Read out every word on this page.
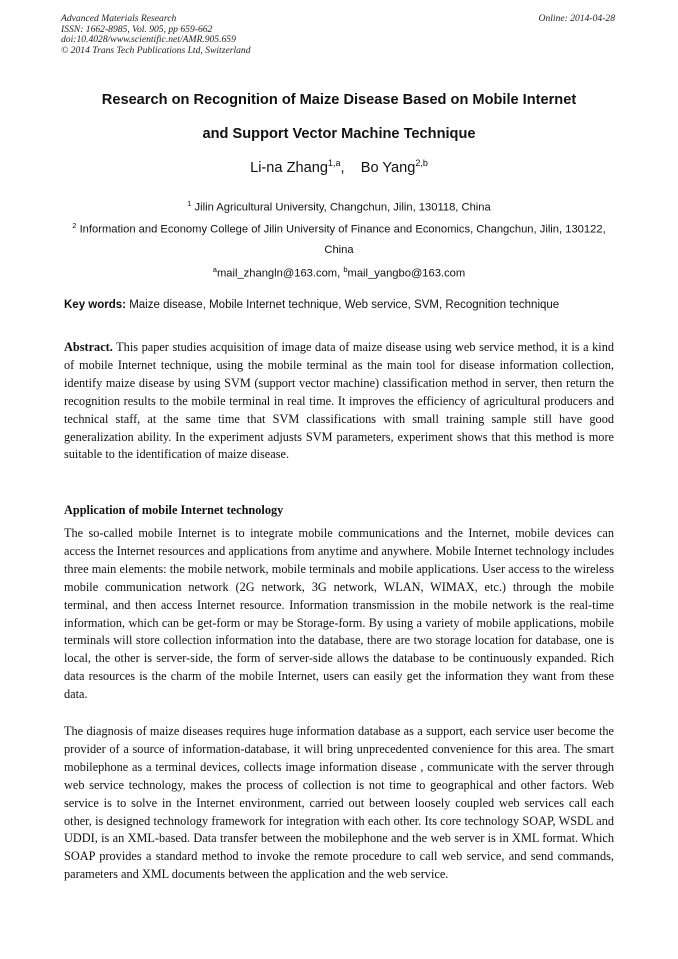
Advanced Materials Research
ISSN: 1662-8985, Vol. 905, pp 659-662
doi:10.4028/www.scientific.net/AMR.905.659
© 2014 Trans Tech Publications Ltd, Switzerland
Online: 2014-04-28
Research on Recognition of Maize Disease Based on Mobile Internet
and Support Vector Machine Technique
Li-na Zhang$^{1,a}$,    Bo Yang$^{2,b}$
$^1$ Jilin Agricultural University, Changchun, Jilin, 130118, China
$^2$ Information and Economy College of Jilin University of Finance and Economics, Changchun, Jilin, 130122, China
$^a$mail_zhangln@163.com, $^b$mail_yangbo@163.com
Key words: Maize disease, Mobile Internet technique, Web service, SVM, Recognition technique
Abstract. This paper studies acquisition of image data of maize disease using web service method, it is a kind of mobile Internet technique, using the mobile terminal as the main tool for disease information collection, identify maize disease by using SVM (support vector machine) classification method in server, then return the recognition results to the mobile terminal in real time. It improves the efficiency of agricultural producers and technical staff, at the same time that SVM classifications with small training sample still have good generalization ability. In the experiment adjusts SVM parameters, experiment shows that this method is more suitable to the identification of maize disease.
Application of mobile Internet technology
The so-called mobile Internet is to integrate mobile communications and the Internet, mobile devices can access the Internet resources and applications from anytime and anywhere. Mobile Internet technology includes three main elements: the mobile network, mobile terminals and mobile applications. User access to the wireless mobile communication network (2G network, 3G network, WLAN, WIMAX, etc.) through the mobile terminal, and then access Internet resource. Information transmission in the mobile network is the real-time information, which can be get-form or may be Storage-form. By using a variety of mobile applications, mobile terminals will store collection information into the database, there are two storage location for database, one is local, the other is server-side, the form of server-side allows the database to be continuously expanded. Rich data resources is the charm of the mobile Internet, users can easily get the information they want from these data.
The diagnosis of maize diseases requires huge information database as a support, each service user become the provider of a source of information-database, it will bring unprecedented convenience for this area. The smart mobilephone as a terminal devices, collects image information disease , communicate with the server through web service technology, makes the process of collection is not time to geographical and other factors. Web service is to solve in the Internet environment, carried out between loosely coupled web services call each other, is designed technology framework for integration with each other. Its core technology SOAP, WSDL and UDDI, is an XML-based. Data transfer between the mobilephone and the web server is in XML format. Which SOAP provides a standard method to invoke the remote procedure to call web service, and send commands, parameters and XML documents between the application and the web service.
